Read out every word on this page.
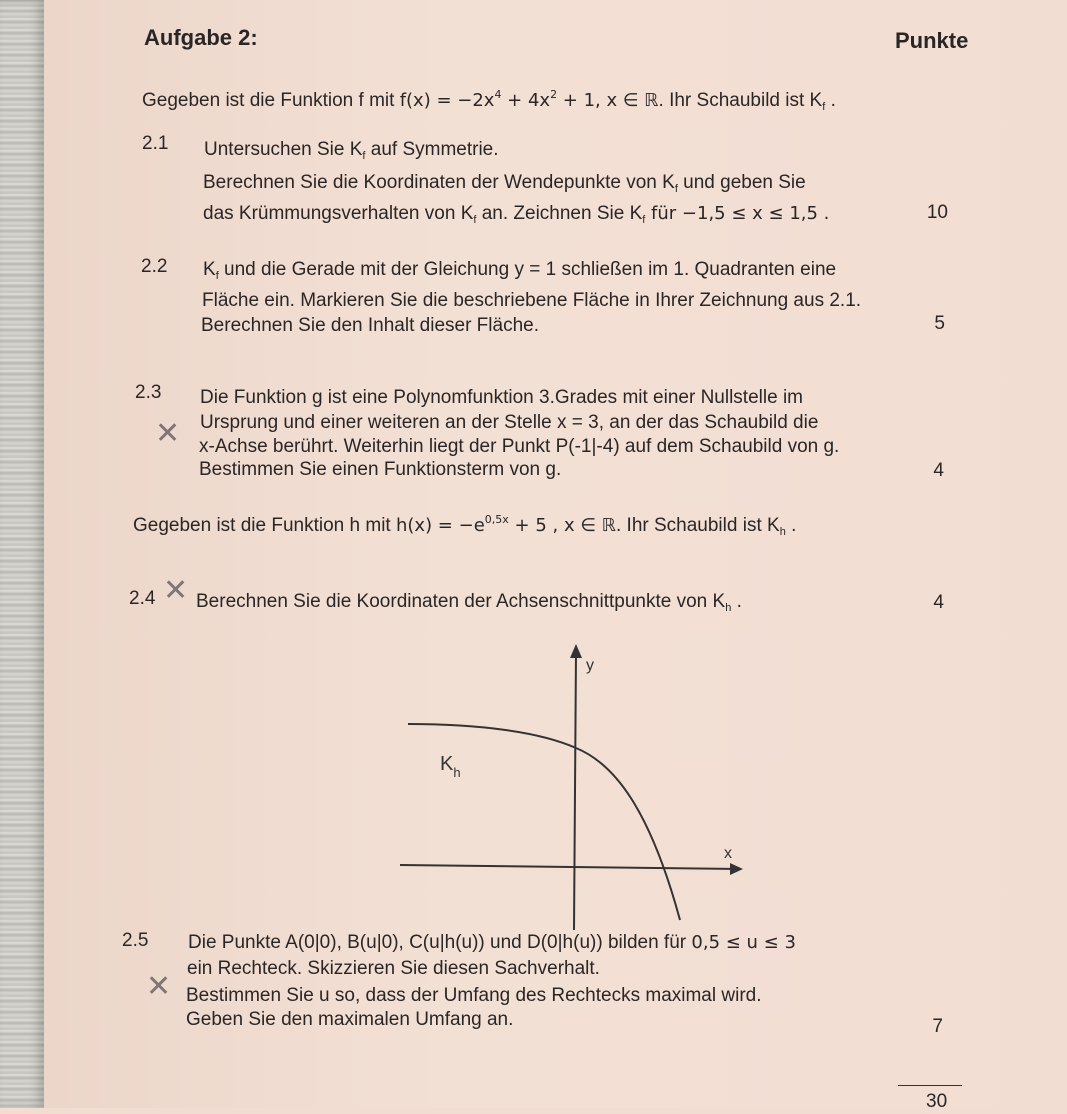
Aufgabe 2:	Punkte
Gegeben ist die Funktion f mit $f(x) = -2x^4 + 4x^2 + 1$, x ∈ ℝ. Ihr Schaubild ist $K_f$ .
2.1 Untersuchen Sie $K_f$ auf Symmetrie.
Berechnen Sie die Koordinaten der Wendepunkte von $K_f$ und geben Sie
das Krümmungsverhalten von $K_f$ an. Zeichnen Sie $K_f$ für −1,5 ≤ x ≤ 1,5 .	10
2.2 $K_f$ und die Gerade mit der Gleichung y = 1 schließen im 1. Quadranten eine
Fläche ein. Markieren Sie die beschriebene Fläche in Ihrer Zeichnung aus 2.1.
Berechnen Sie den Inhalt dieser Fläche.	5
2.3 Die Funktion g ist eine Polynomfunktion 3.Grades mit einer Nullstelle im
Ursprung und einer weiteren an der Stelle x = 3, an der das Schaubild die
x-Achse berührt. Weiterhin liegt der Punkt P(-1|-4) auf dem Schaubild von g.
Bestimmen Sie einen Funktionsterm von g.	4
✕
Gegeben ist die Funktion h mit $h(x) = -e^{0,5x} + 5$ , x ∈ ℝ. Ihr Schaubild ist $K_h$ .
2.4 ✕ Berechnen Sie die Koordinaten der Achsenschnittpunkte von $K_h$ .	4
y
x
$K_h$
2.5 Die Punkte A(0|0), B(u|0), C(u|h(u)) und D(0|h(u)) bilden für 0,5 ≤ u ≤ 3
ein Rechteck. Skizzieren Sie diesen Sachverhalt.
Bestimmen Sie u so, dass der Umfang des Rechtecks maximal wird.
Geben Sie den maximalen Umfang an.	7
✕
30
